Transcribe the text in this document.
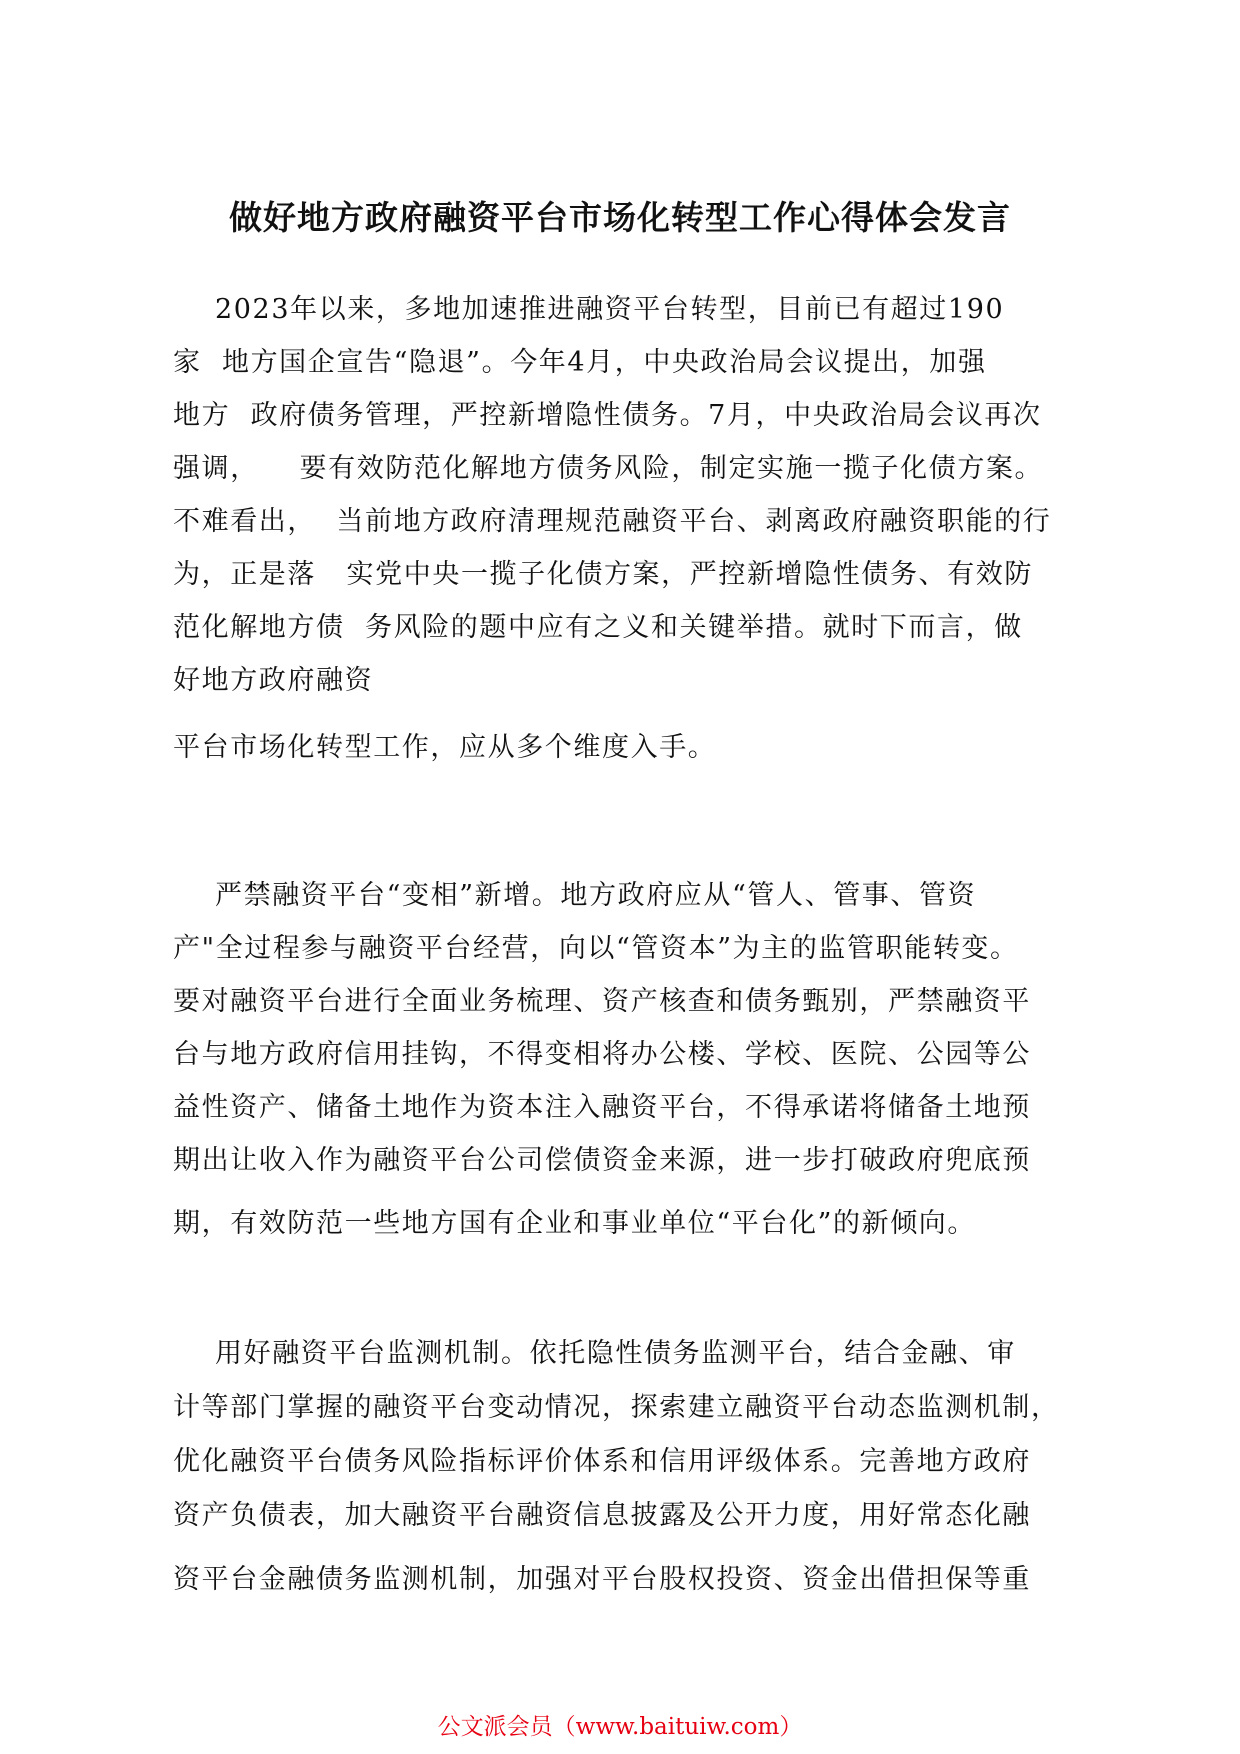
做好地方政府融资平台市场化转型工作心得体会发言
2023年以来，多地加速推进融资平台转型，目前已有超过190
家  地方国企宣告“隐退”。今年4月，中央政治局会议提出，加强
地方  政府债务管理，严控新增隐性债务。7月，中央政治局会议再次
强调，    要有效防范化解地方债务风险，制定实施一揽子化债方案。
不难看出，  当前地方政府清理规范融资平台、剥离政府融资职能的行
为，正是落   实党中央一揽子化债方案，严控新增隐性债务、有效防
范化解地方债  务风险的题中应有之义和关键举措。就时下而言，做
好地方政府融资
平台市场化转型工作，应从多个维度入手。
严禁融资平台“变相”新增。地方政府应从“管人、管事、管资
产"全过程参与融资平台经营，向以“管资本”为主的监管职能转变。
要对融资平台进行全面业务梳理、资产核查和债务甄别，严禁融资平
台与地方政府信用挂钩，不得变相将办公楼、学校、医院、公园等公
益性资产、储备土地作为资本注入融资平台，不得承诺将储备土地预
期出让收入作为融资平台公司偿债资金来源，进一步打破政府兜底预
期，有效防范一些地方国有企业和事业单位“平台化”的新倾向。
用好融资平台监测机制。依托隐性债务监测平台，结合金融、审
计等部门掌握的融资平台变动情况，探索建立融资平台动态监测机制，
优化融资平台债务风险指标评价体系和信用评级体系。完善地方政府
资产负债表，加大融资平台融资信息披露及公开力度，用好常态化融
资平台金融债务监测机制，加强对平台股权投资、资金出借担保等重
公文派会员（www.baituiw.com）
